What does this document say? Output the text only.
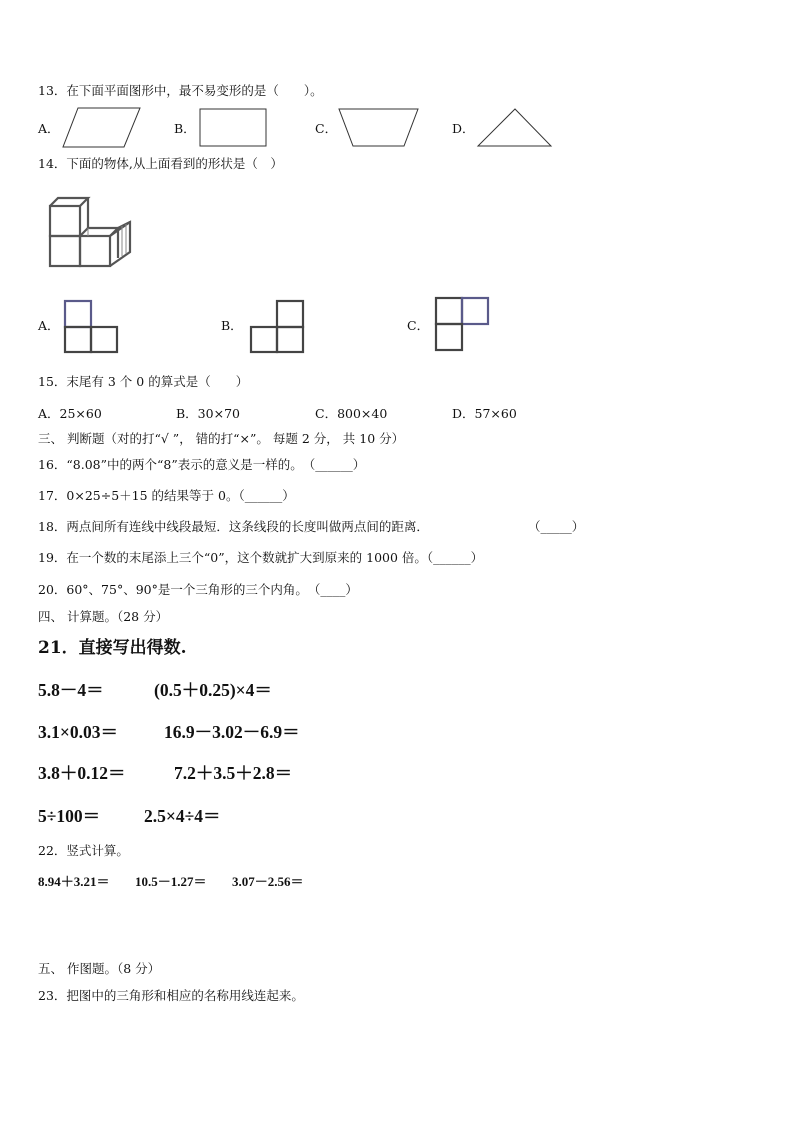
13．在下面平面图形中，最不易变形的是（　　）。
A．	B．	C．	D．
14．下面的物体,从上面看到的形状是（　）
A．	B．	C．
15．末尾有 3 个 0 的算式是（　　）
A．25×60	B．30×70	C．800×40	D．57×60
三、 判断题（对的打“√ ”， 错的打“×”。 每题 2 分， 共 10 分）
16．“8.08”中的两个“8”表示的意义是一样的。　（______）
17．0×25÷5＋15 的结果等于 0。（______）
18．两点间所有连线中线段最短．这条线段的长度叫做两点间的距离．	（_____）
19．在一个数的末尾添上三个“0”，这个数就扩大到原来的 1000 倍。（______）
20．60°、75°、90°是一个三角形的三个内角。　（____）
四、 计算题。（28 分）
21．直接写出得数.
5.8－4＝	(0.5＋0.25)×4＝
3.1×0.03＝	16.9－3.02－6.9＝
3.8＋0.12＝	7.2＋3.5＋2.8＝
5÷100＝	2.5×4÷4＝
22．竖式计算。
8.94＋3.21＝ 10.5－1.27＝ 3.07－2.56＝
五、 作图题。（8 分）
23．把图中的三角形和相应的名称用线连起来。
